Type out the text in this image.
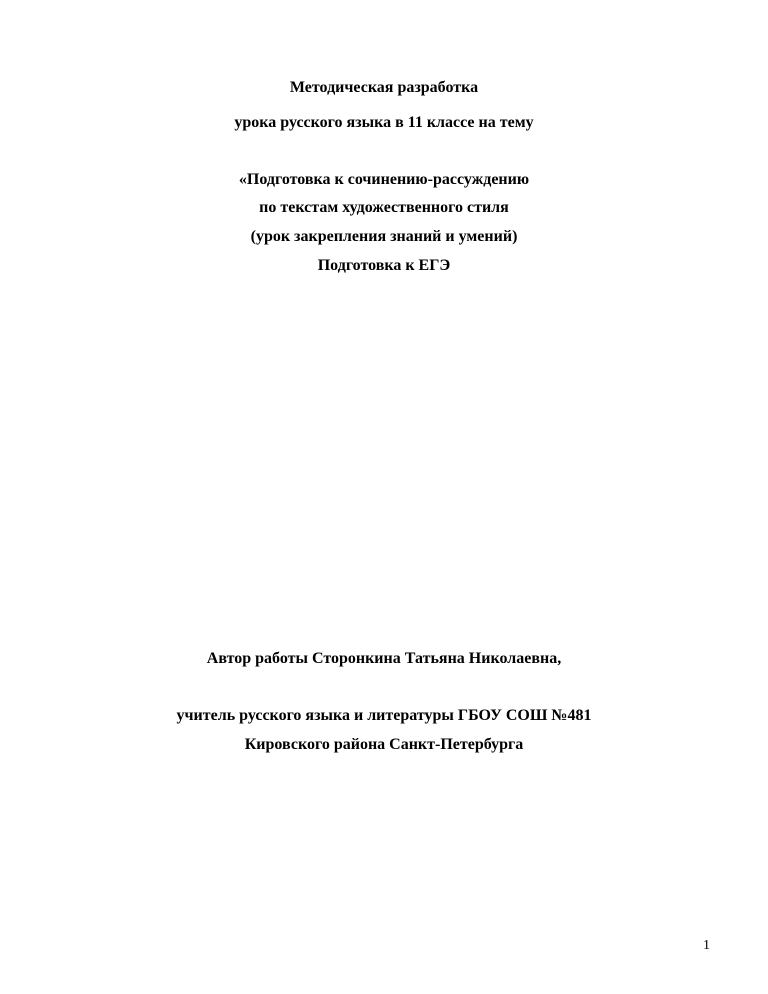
Методическая разработка
урока русского языка в 11 классе на тему
«Подготовка к сочинению-рассуждению
по текстам художественного стиля
(урок закрепления знаний и умений)
Подготовка к ЕГЭ
Автор работы Сторонкина Татьяна Николаевна,
учитель русского языка и литературы ГБОУ СОШ №481
Кировского района Санкт-Петербурга
1
